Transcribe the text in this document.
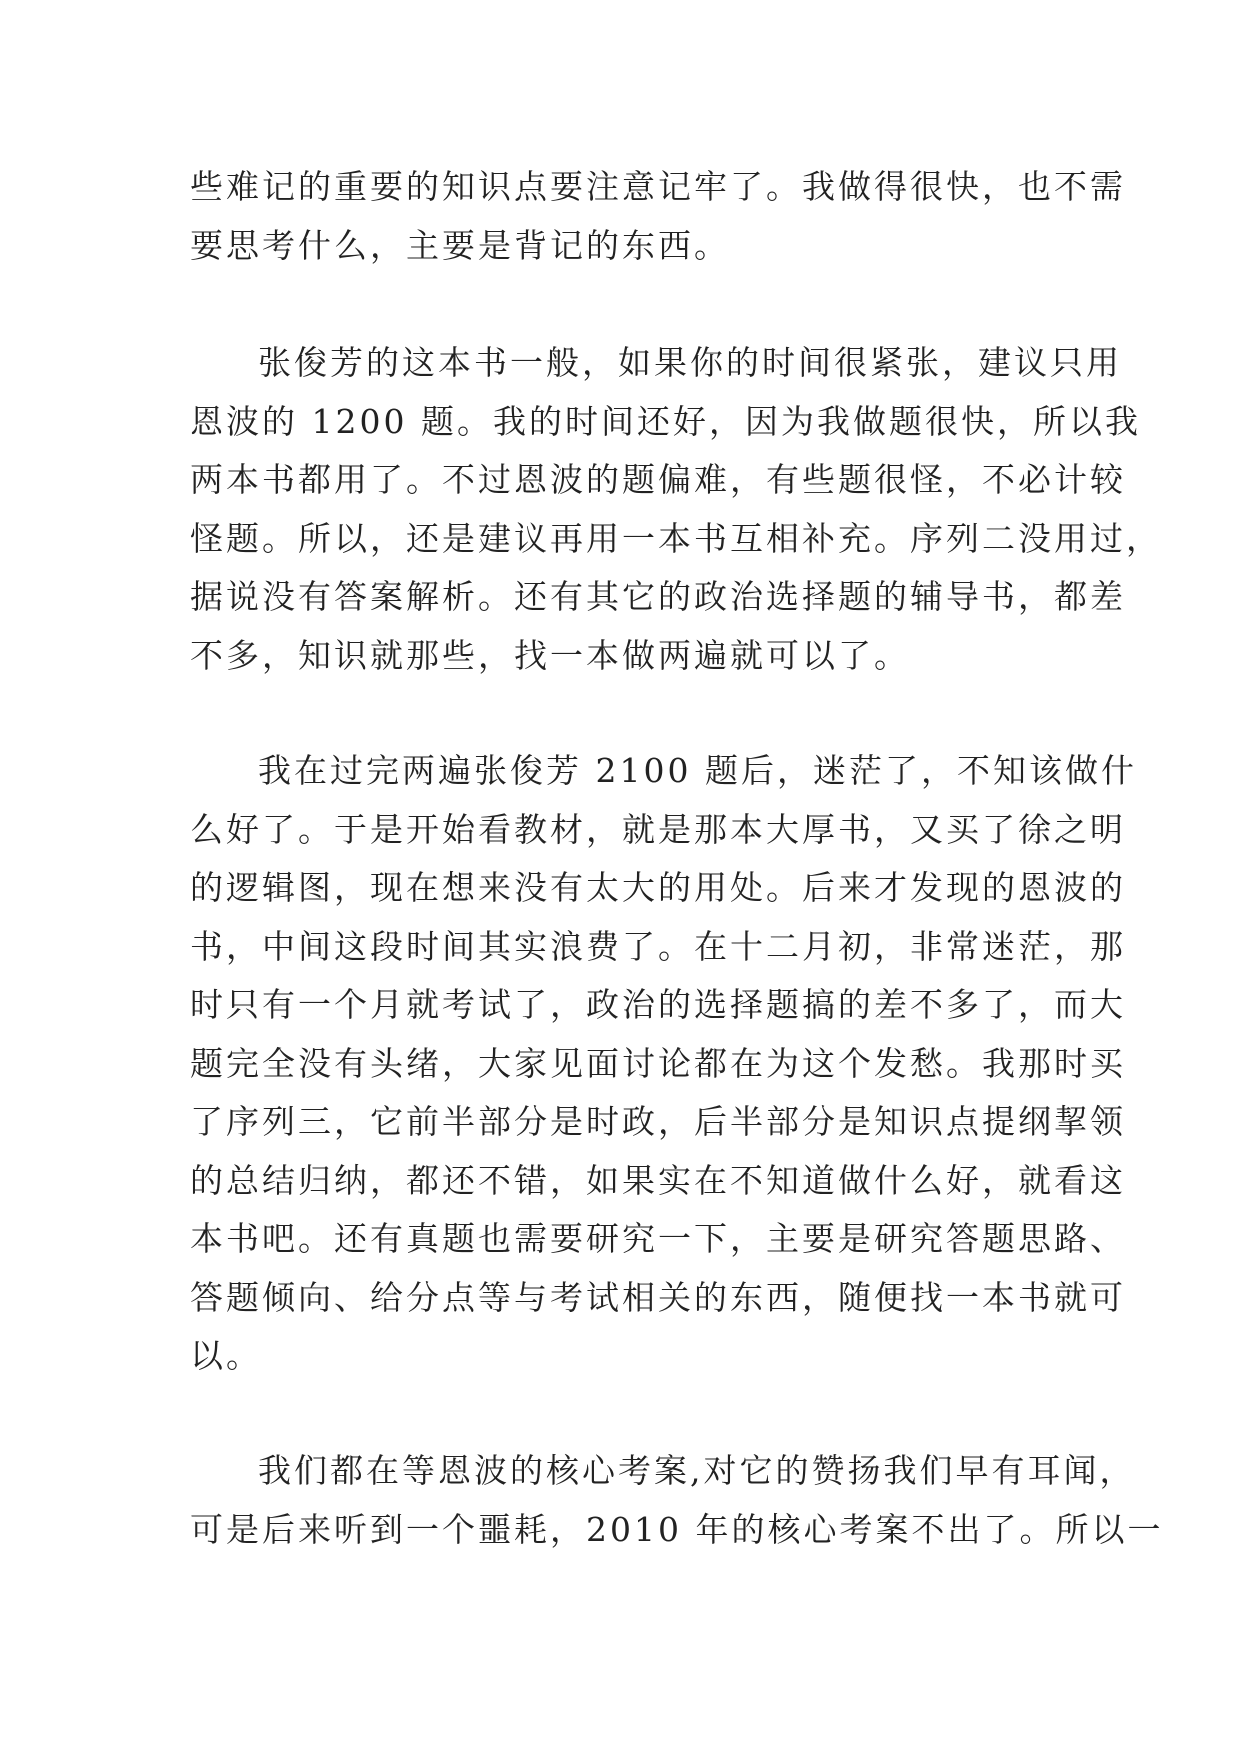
些难记的重要的知识点要注意记牢了。我做得很快，也不需
要思考什么，主要是背记的东西。
张俊芳的这本书一般，如果你的时间很紧张，建议只用
恩波的 1200 题。我的时间还好，因为我做题很快，所以我
两本书都用了。不过恩波的题偏难，有些题很怪，不必计较
怪题。所以，还是建议再用一本书互相补充。序列二没用过，
据说没有答案解析。还有其它的政治选择题的辅导书，都差
不多，知识就那些，找一本做两遍就可以了。
我在过完两遍张俊芳 2100 题后，迷茫了，不知该做什
么好了。于是开始看教材，就是那本大厚书，又买了徐之明
的逻辑图，现在想来没有太大的用处。后来才发现的恩波的
书，中间这段时间其实浪费了。在十二月初，非常迷茫，那
时只有一个月就考试了，政治的选择题搞的差不多了，而大
题完全没有头绪，大家见面讨论都在为这个发愁。我那时买
了序列三，它前半部分是时政，后半部分是知识点提纲挈领
的总结归纳，都还不错，如果实在不知道做什么好，就看这
本书吧。还有真题也需要研究一下，主要是研究答题思路、
答题倾向、给分点等与考试相关的东西，随便找一本书就可
以。
我们都在等恩波的核心考案,对它的赞扬我们早有耳闻，
可是后来听到一个噩耗，2010 年的核心考案不出了。所以一
